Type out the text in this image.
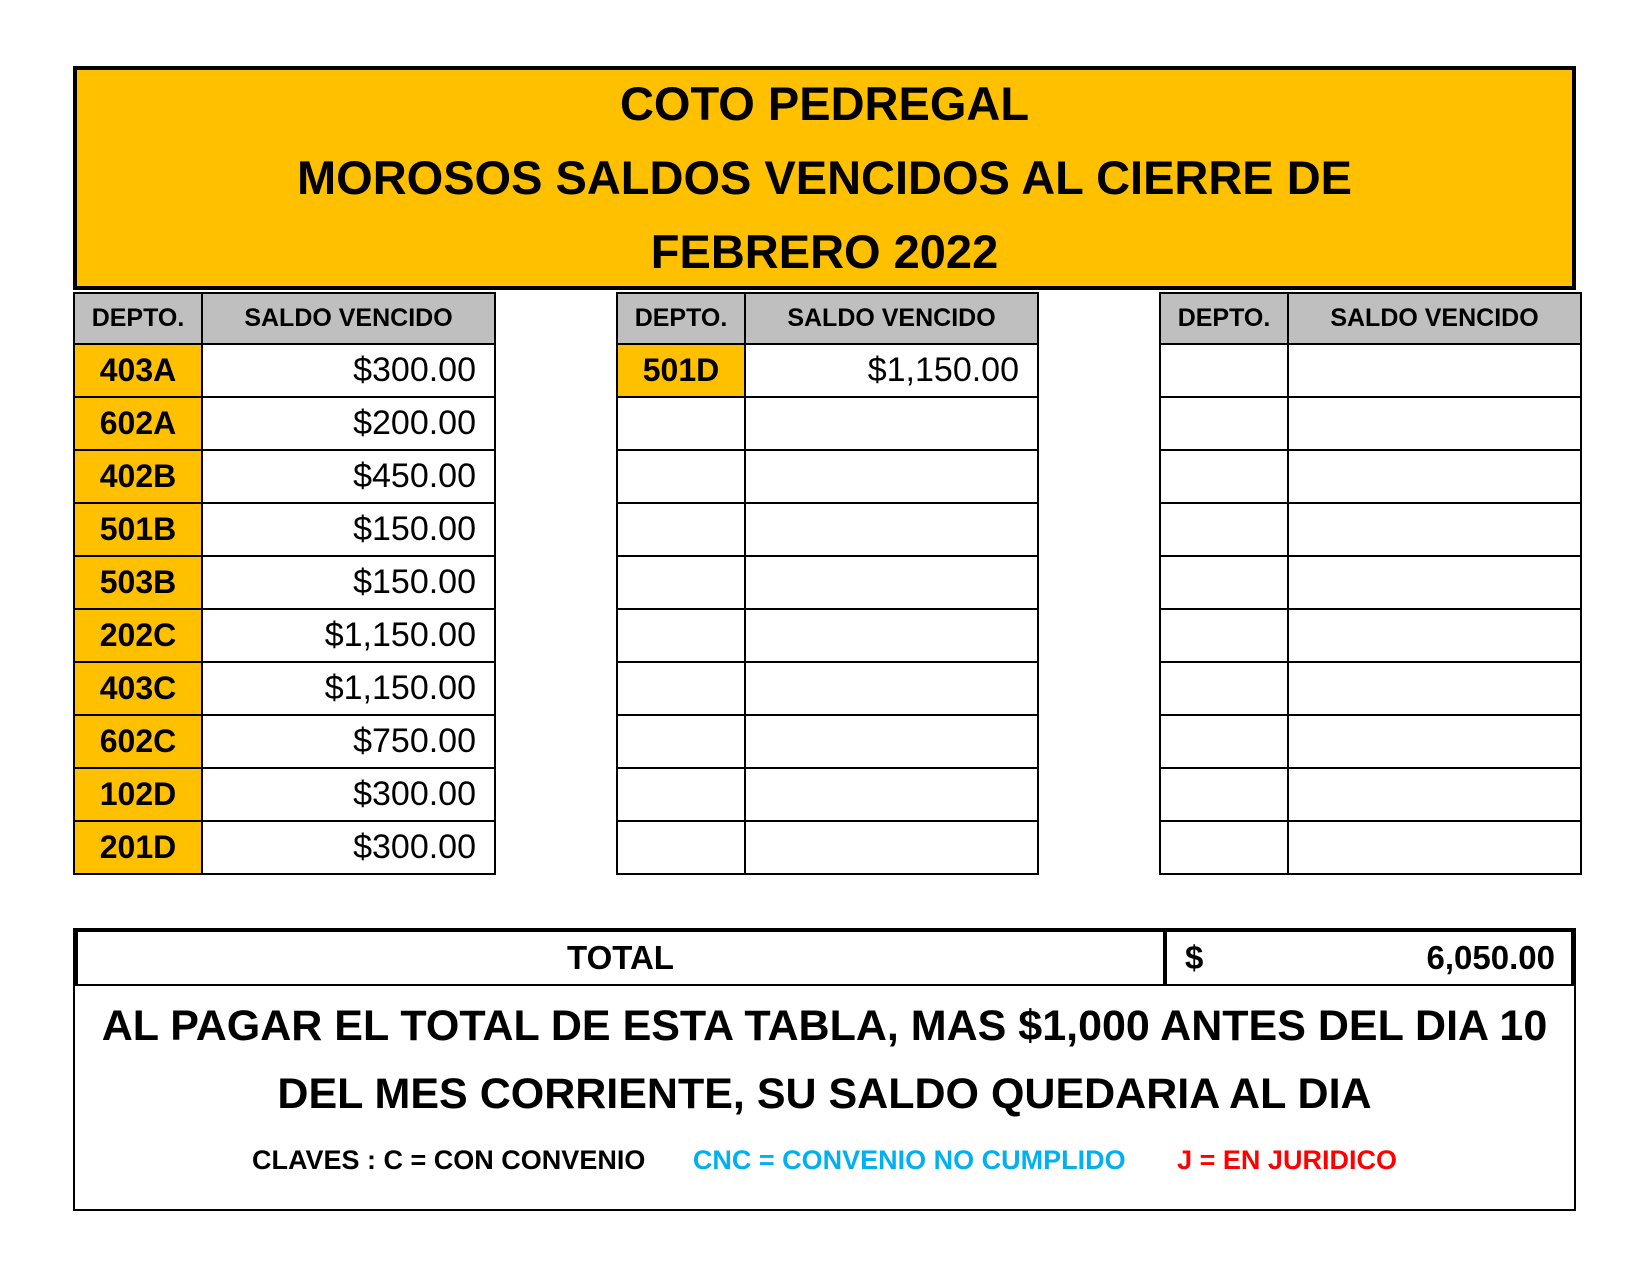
COTO PEDREGAL
MOROSOS SALDOS VENCIDOS AL CIERRE DE
FEBRERO 2022
DEPTO.	SALDO VENCIDO
403A	$300.00
602A	$200.00
402B	$450.00
501B	$150.00
503B	$150.00
202C	$1,150.00
403C	$1,150.00
602C	$750.00
102D	$300.00
201D	$300.00
DEPTO.	SALDO VENCIDO
501D	$1,150.00

DEPTO.	SALDO VENCIDO

TOTAL	$	6,050.00
AL PAGAR EL TOTAL DE ESTA TABLA, MAS $1,000 ANTES DEL DIA 10
DEL MES CORRIENTE, SU SALDO QUEDARIA AL DIA
CLAVES : C = CON CONVENIO CNC = CONVENIO NO CUMPLIDO J = EN JURIDICO
